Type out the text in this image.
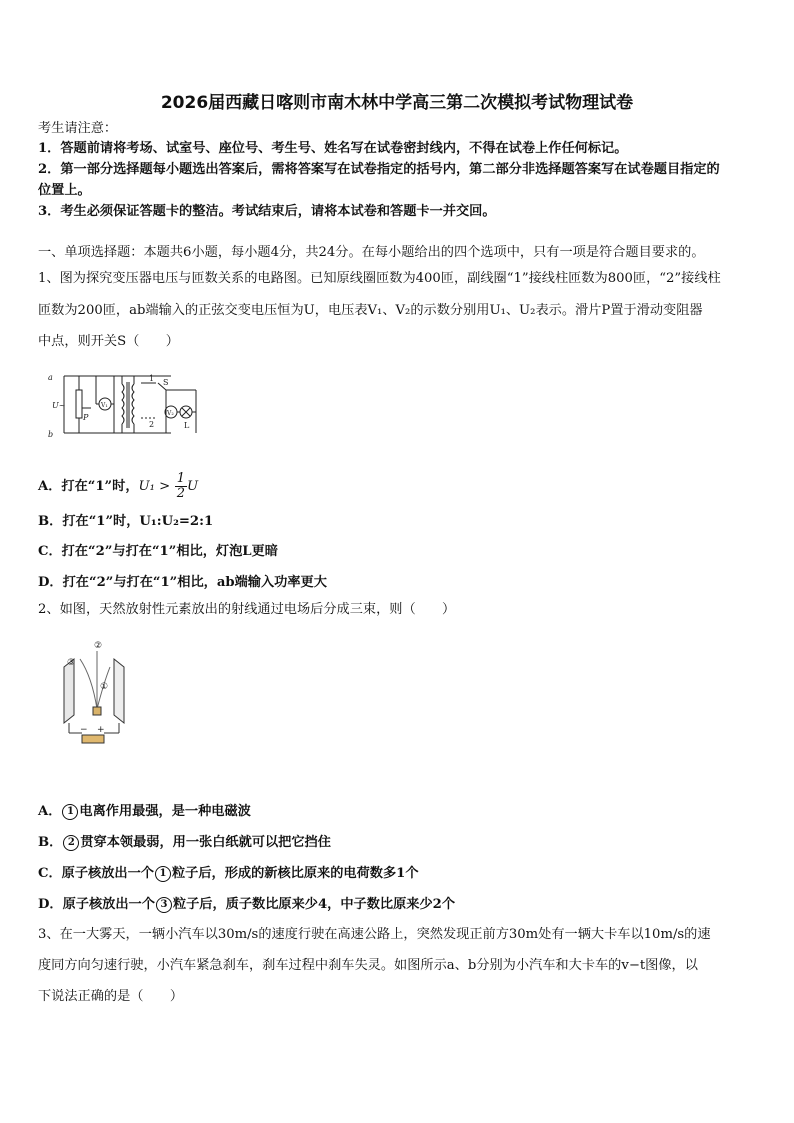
2026届西藏日喀则市南木林中学高三第二次模拟考试物理试卷
考生请注意：
1．答题前请将考场、试室号、座位号、考生号、姓名写在试卷密封线内，不得在试卷上作任何标记。
2．第一部分选择题每小题选出答案后，需将答案写在试卷指定的括号内，第二部分非选择题答案写在试卷题目指定的
位置上。
3．考生必须保证答题卡的整洁。考试结束后，请将本试卷和答题卡一并交回。
一、单项选择题：本题共6小题，每小题4分，共24分。在每小题给出的四个选项中，只有一项是符合题目要求的。
1、图为探究变压器电压与匝数关系的电路图。已知原线圈匝数为400匝，副线圈“1”接线柱匝数为800匝，“2”接线柱
匝数为200匝，ab端输入的正弦交变电压恒为U，电压表V₁、V₂的示数分别用U₁、U₂表示。滑片P置于滑动变阻器
中点，则开关S（　　）
a
b
U~
P
V₁
V₂
1
2
S
L
A．打在“1”时，$U_1 > \frac{1}{2}$ U
B．打在“1”时，U₁:U₂=2:1
C．打在“2”与打在“1”相比，灯泡L更暗
D．打在“2”与打在“1”相比，ab端输入功率更大
2、如图，天然放射性元素放出的射线通过电场后分成三束，则（　　）
③
②
①
− +
A． 1 电离作用最强，是一种电磁波
B． 2 贯穿本领最弱，用一张白纸就可以把它挡住
C．原子核放出一个 1 粒子后，形成的新核比原来的电荷数多1个
D．原子核放出一个 3 粒子后，质子数比原来少4，中子数比原来少2个
3、在一大雾天，一辆小汽车以30m/s的速度行驶在高速公路上，突然发现正前方30m处有一辆大卡车以10m/s的速
度同方向匀速行驶，小汽车紧急刹车，刹车过程中刹车失灵。如图所示a、b分别为小汽车和大卡车的v−t图像，以
下说法正确的是（　　）
